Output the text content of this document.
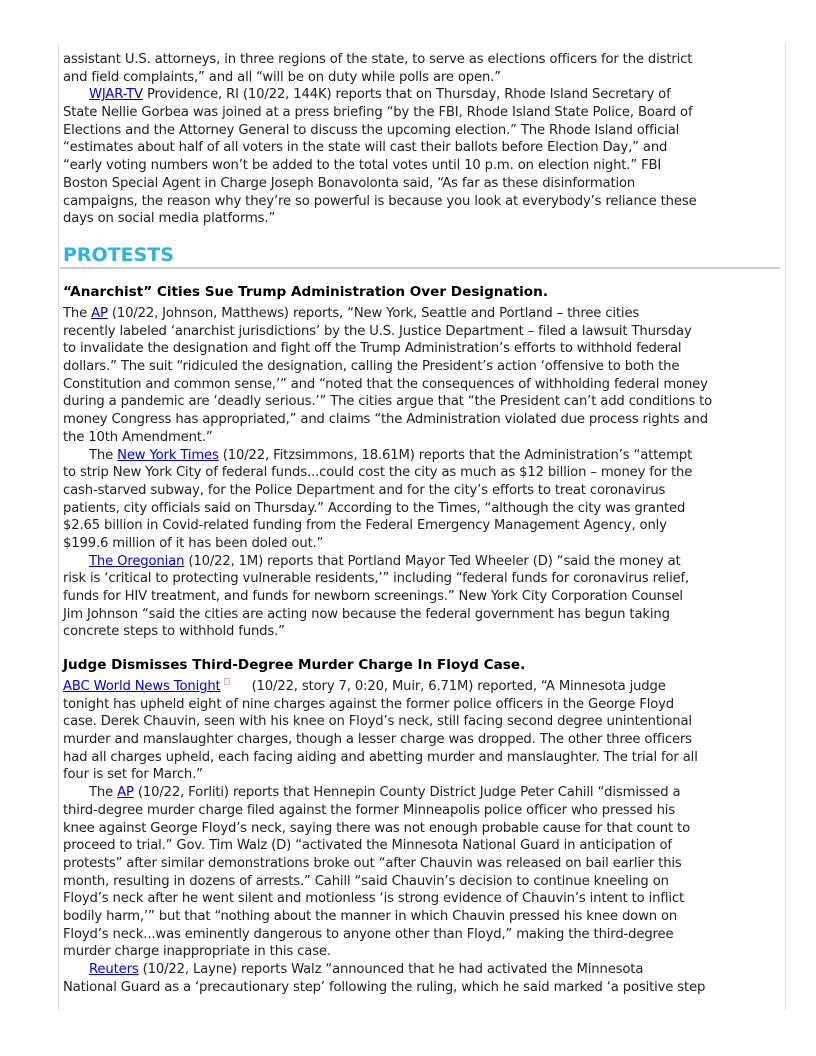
PROTESTS
“Anarchist” Cities Sue Trump Administration Over Designation.
Judge Dismisses Third-Degree Murder Charge In Floyd Case.
assistant U.S. attorneys, in three regions of the state, to serve as elections officers for the district
and field complaints,” and all “will be on duty while polls are open.”
WJAR-TV Providence, RI (10/22, 144K) reports that on Thursday, Rhode Island Secretary of
State Nellie Gorbea was joined at a press briefing “by the FBI, Rhode Island State Police, Board of
Elections and the Attorney General to discuss the upcoming election.” The Rhode Island official
“estimates about half of all voters in the state will cast their ballots before Election Day,” and
“early voting numbers won’t be added to the total votes until 10 p.m. on election night.” FBI
Boston Special Agent in Charge Joseph Bonavolonta said, “As far as these disinformation
campaigns, the reason why they’re so powerful is because you look at everybody’s reliance these
days on social media platforms.”
The AP (10/22, Johnson, Matthews) reports, “New York, Seattle and Portland – three cities
recently labeled ‘anarchist jurisdictions’ by the U.S. Justice Department – filed a lawsuit Thursday
to invalidate the designation and fight off the Trump Administration’s efforts to withhold federal
dollars.” The suit “ridiculed the designation, calling the President’s action ‘offensive to both the
Constitution and common sense,’” and “noted that the consequences of withholding federal money
during a pandemic are ‘deadly serious.’” The cities argue that “the President can’t add conditions to
money Congress has appropriated,” and claims “the Administration violated due process rights and
the 10th Amendment.”
The New York Times (10/22, Fitzsimmons, 18.61M) reports that the Administration’s “attempt
to strip New York City of federal funds...could cost the city as much as $12 billion – money for the
cash-starved subway, for the Police Department and for the city’s efforts to treat coronavirus
patients, city officials said on Thursday.” According to the Times, “although the city was granted
$2.65 billion in Covid-related funding from the Federal Emergency Management Agency, only
$199.6 million of it has been doled out.”
The Oregonian (10/22, 1M) reports that Portland Mayor Ted Wheeler (D) “said the money at
risk is ‘critical to protecting vulnerable residents,’” including “federal funds for coronavirus relief,
funds for HIV treatment, and funds for newborn screenings.” New York City Corporation Counsel
Jim Johnson “said the cities are acting now because the federal government has begun taking
concrete steps to withhold funds.”
ABC World News Tonight (10/22, story 7, 0:20, Muir, 6.71M) reported, “A Minnesota judge
tonight has upheld eight of nine charges against the former police officers in the George Floyd
case. Derek Chauvin, seen with his knee on Floyd’s neck, still facing second degree unintentional
murder and manslaughter charges, though a lesser charge was dropped. The other three officers
had all charges upheld, each facing aiding and abetting murder and manslaughter. The trial for all
four is set for March.”
The AP (10/22, Forliti) reports that Hennepin County District Judge Peter Cahill “dismissed a
third-degree murder charge filed against the former Minneapolis police officer who pressed his
knee against George Floyd’s neck, saying there was not enough probable cause for that count to
proceed to trial.” Gov. Tim Walz (D) “activated the Minnesota National Guard in anticipation of
protests” after similar demonstrations broke out “after Chauvin was released on bail earlier this
month, resulting in dozens of arrests.” Cahill “said Chauvin’s decision to continue kneeling on
Floyd’s neck after he went silent and motionless ‘is strong evidence of Chauvin’s intent to inflict
bodily harm,’” but that “nothing about the manner in which Chauvin pressed his knee down on
Floyd’s neck...was eminently dangerous to anyone other than Floyd,” making the third-degree
murder charge inappropriate in this case.
Reuters (10/22, Layne) reports Walz “announced that he had activated the Minnesota
National Guard as a ‘precautionary step’ following the ruling, which he said marked ‘a positive step
